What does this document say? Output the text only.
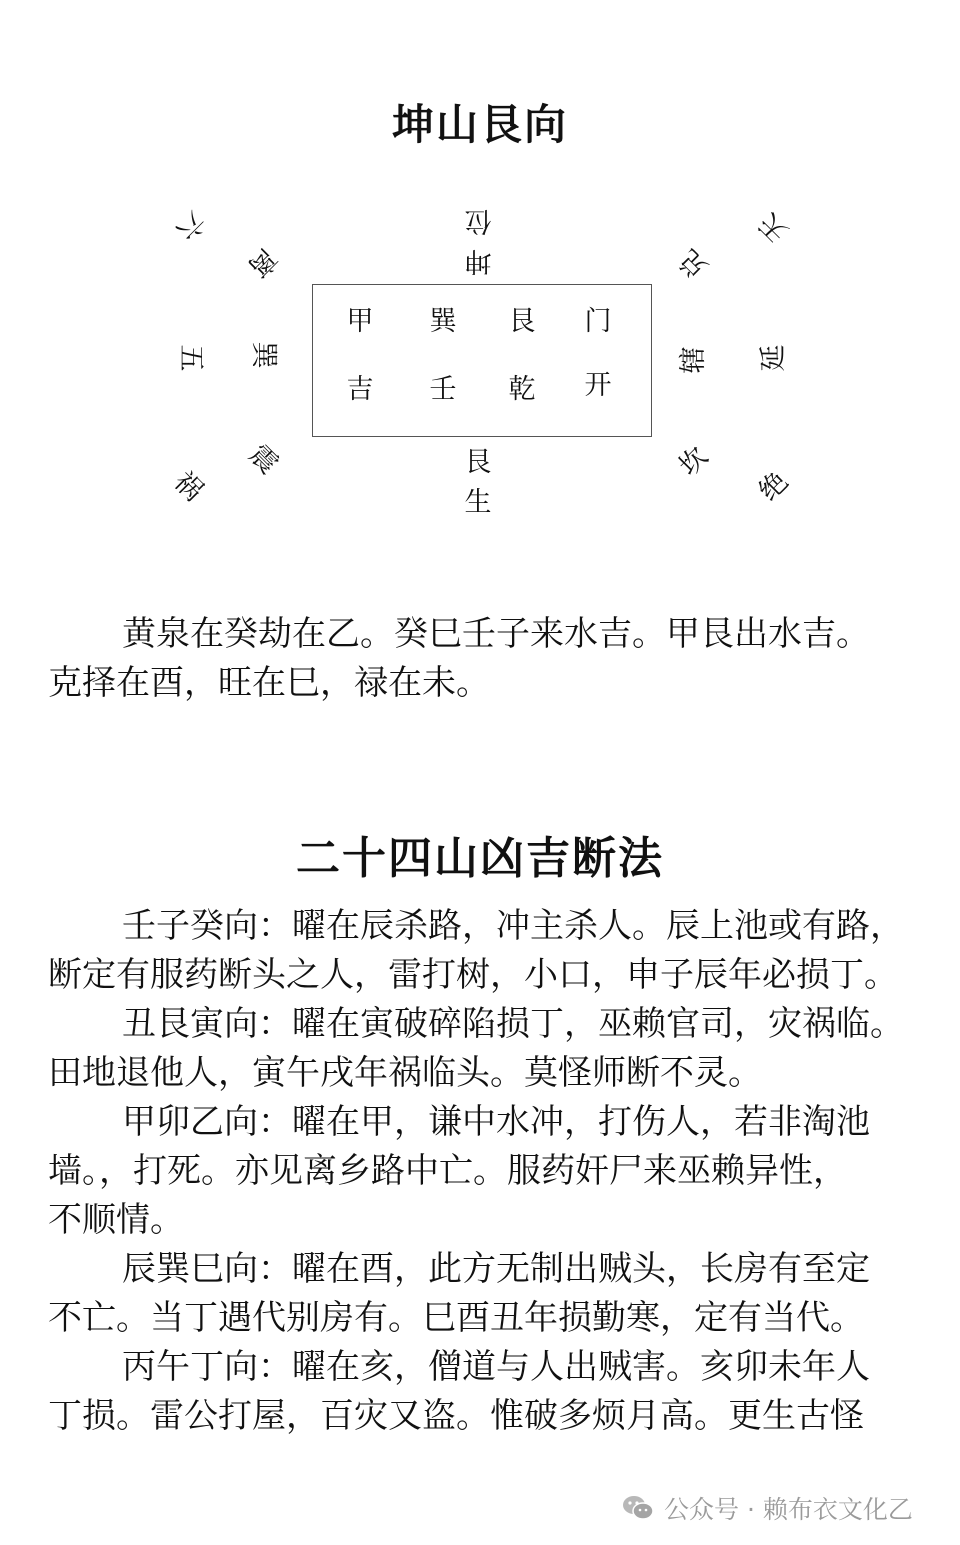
坤山艮向
位
坤
甲 巽 艮 门
吉 壬 乾 开
艮
生
六
五
祸
离
巽
震
兑
辖
坎
天
延
绝

黄泉在癸劫在乙。癸巳壬子来水吉。甲艮出水吉。
克择在酉，旺在巳，禄在未。

二十四山凶吉断法

壬子癸向：曜在辰杀路，冲主杀人。辰上池或有路，
断定有服药断头之人，雷打树，小口，申子辰年必损丁。
丑艮寅向：曜在寅破碎陷损丁，巫赖官司，灾祸临。
田地退他人，寅午戌年祸临头。莫怪师断不灵。
甲卯乙向：曜在甲，谦中水冲，打伤人，若非淘池
墙。，打死。亦见离乡路中亡。服药奸尸来巫赖异性，
不顺情。
辰巽巳向：曜在酉，此方无制出贼头，长房有至定
不亡。当丁遇代别房有。巳酉丑年损勤寒，定有当代。
丙午丁向：曜在亥，僧道与人出贼害。亥卯未年人
丁损。雷公打屋，百灾又盗。惟破多烦月高。更生古怪

公众号 · 赖布衣文化乙
